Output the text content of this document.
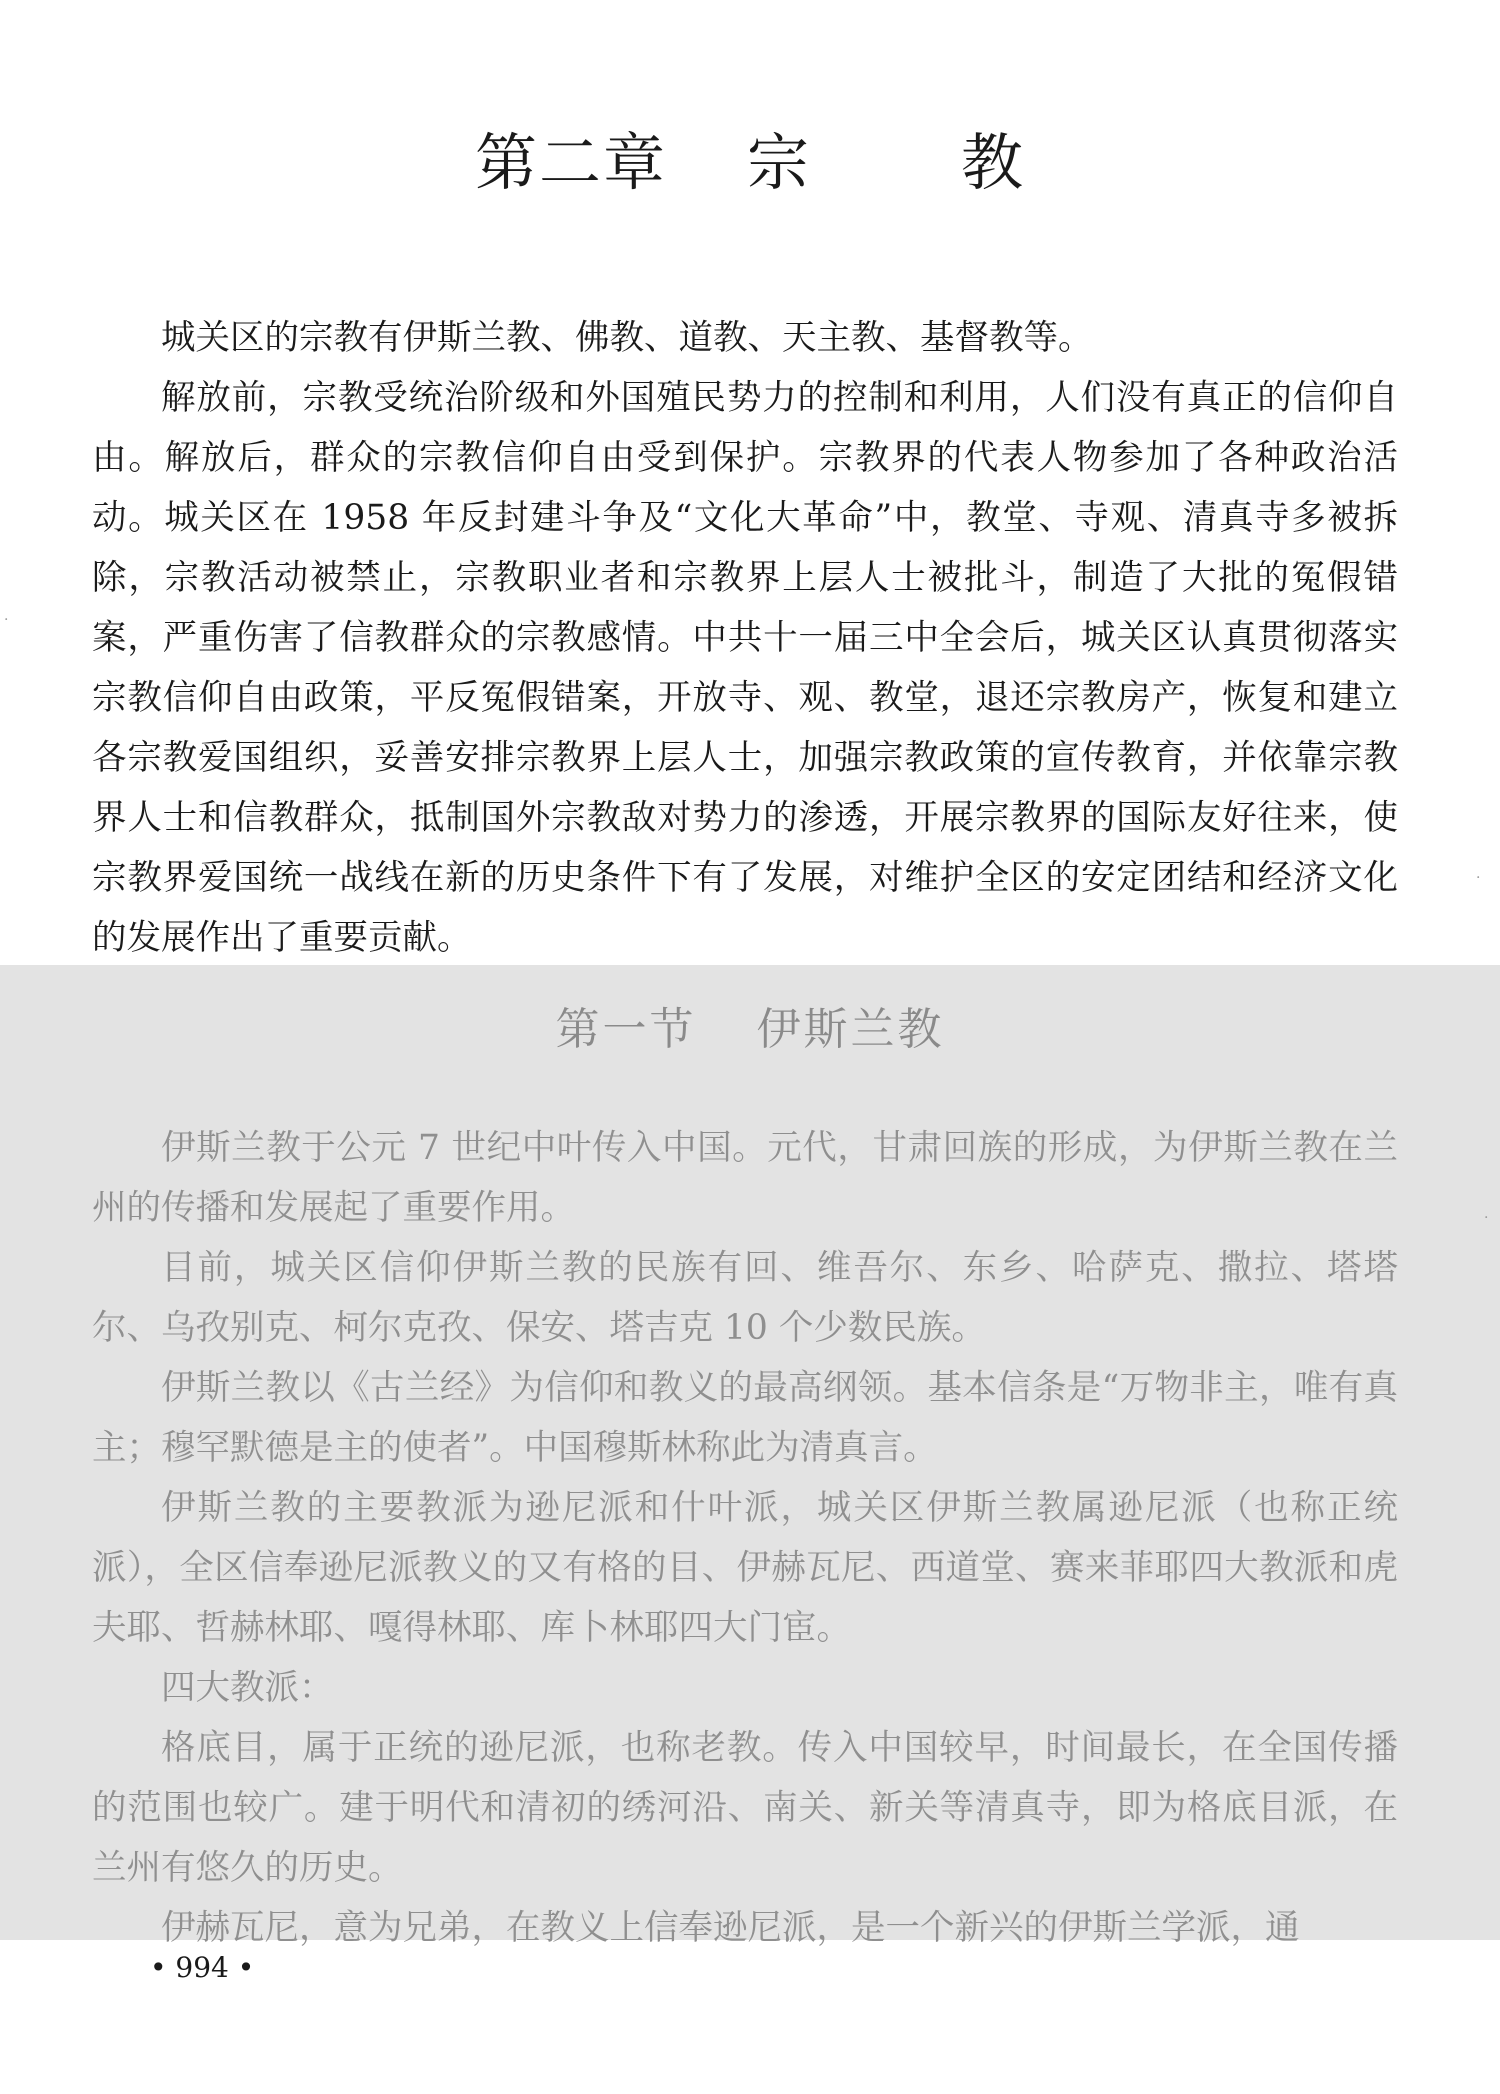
第二章 宗 教

城关区的宗教有伊斯兰教、佛教、道教、天主教、基督教等。

解放前，宗教受统治阶级和外国殖民势力的控制和利用，人们没有真正的信仰自由。解放后，群众的宗教信仰自由受到保护。宗教界的代表人物参加了各种政治活动。城关区在 1958 年反封建斗争及“文化大革命”中，教堂、寺观、清真寺多被拆除，宗教活动被禁止，宗教职业者和宗教界上层人士被批斗，制造了大批的冤假错案，严重伤害了信教群众的宗教感情。中共十一届三中全会后，城关区认真贯彻落实宗教信仰自由政策，平反冤假错案，开放寺、观、教堂，退还宗教房产，恢复和建立各宗教爱国组织，妥善安排宗教界上层人士，加强宗教政策的宣传教育，并依靠宗教界人士和信教群众，抵制国外宗教敌对势力的渗透，开展宗教界的国际友好往来，使宗教界爱国统一战线在新的历史条件下有了发展，对维护全区的安定团结和经济文化的发展作出了重要贡献。

第一节 伊斯兰教

伊斯兰教于公元 7 世纪中叶传入中国。元代，甘肃回族的形成，为伊斯兰教在兰州的传播和发展起了重要作用。

目前，城关区信仰伊斯兰教的民族有回、维吾尔、东乡、哈萨克、撒拉、塔塔尔、乌孜别克、柯尔克孜、保安、塔吉克 10 个少数民族。

伊斯兰教以《古兰经》为信仰和教义的最高纲领。基本信条是“万物非主，唯有真主；穆罕默德是主的使者”。中国穆斯林称此为清真言。

伊斯兰教的主要教派为逊尼派和什叶派，城关区伊斯兰教属逊尼派（也称正统派），全区信奉逊尼派教义的又有格的目、伊赫瓦尼、西道堂、赛来菲耶四大教派和虎夫耶、哲赫林耶、嘎得林耶、库卜林耶四大门宦。

四大教派：

格底目，属于正统的逊尼派，也称老教。传入中国较早，时间最长，在全国传播的范围也较广。建于明代和清初的绣河沿、南关、新关等清真寺，即为格底目派，在兰州有悠久的历史。

伊赫瓦尼，意为兄弟，在教义上信奉逊尼派，是一个新兴的伊斯兰学派，通

• 994 •
·
·
·
